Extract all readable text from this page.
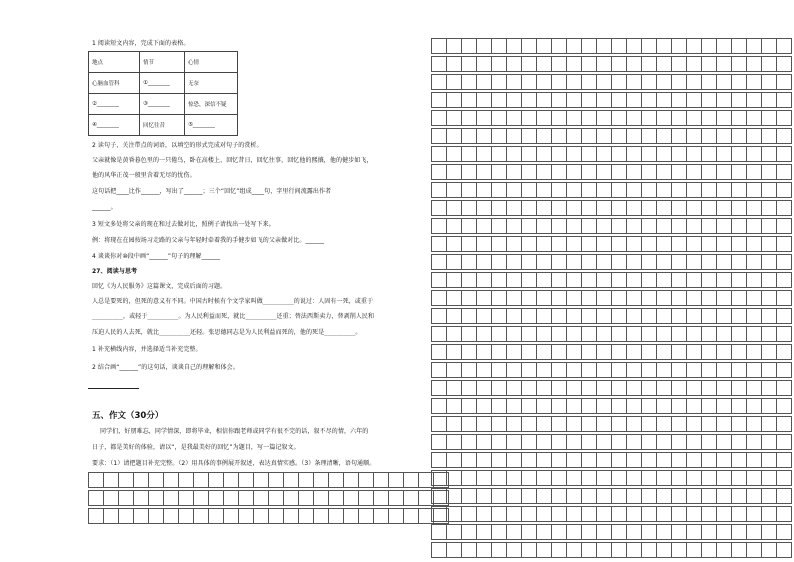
1 阅读短文内容，完成下面的表格。
地点	情节	心情
心脑血管科	①________	无奈
②________	③________	惊恐，深信不疑
④________	回忆往昔	⑤________
2 读句子，关注带点的词语，以填空的形式完成对句子的赏析。
父亲就像是黄昏暮色里的一只倦鸟，卧在高楼上，回忆昔日，回忆往事，回忆他的熙攘，他的健步如飞，
他的风华正茂一般里含着无尽的忧伤。
这句话把____比作______，写出了______；三个“回忆”组成____句，字里行间流露出作者
______。
3 短文多处将父亲的现在和过去做对比，照例子请找出一处写下来。
例：将现在在园按场习走路的父亲与年轻时牵着我的手健步如飞的父亲做对比。______
4 谈谈你对⑩段中画“______”句子的理解______
27、阅读与思考
回忆《为人民服务》这篇课文，完成后面的习题。
人总是要死的，但死的意义有不同。中国古时候有个文学家叫做__________的说过：人固有一死，或重于
__________，或轻于__________。为人民利益而死，就比__________还重；替法西斯卖力，替剥削人民和
压迫人民的人去死，就比__________还轻。张思德同志是为人民利益而死的，他的死是__________。
1 补充横线内容，并选择适当补充完整。
2 结合画“______”的这句话，谈谈自己的理解和体会。
五、作文（30分）
同学们，好朋难忘，同学情深，即将毕业，相信你跟老师或同学有很不完的话，叙不尽的情，六年的
日子，都是美好的体验，请以“，是我最美好的回忆”为题目，写一篇记叙文。
要求：（1）请把题目补充完整。（2）用具体的事例展开叙述，表达真情实感。（3）条理清晰，语句通顺。
